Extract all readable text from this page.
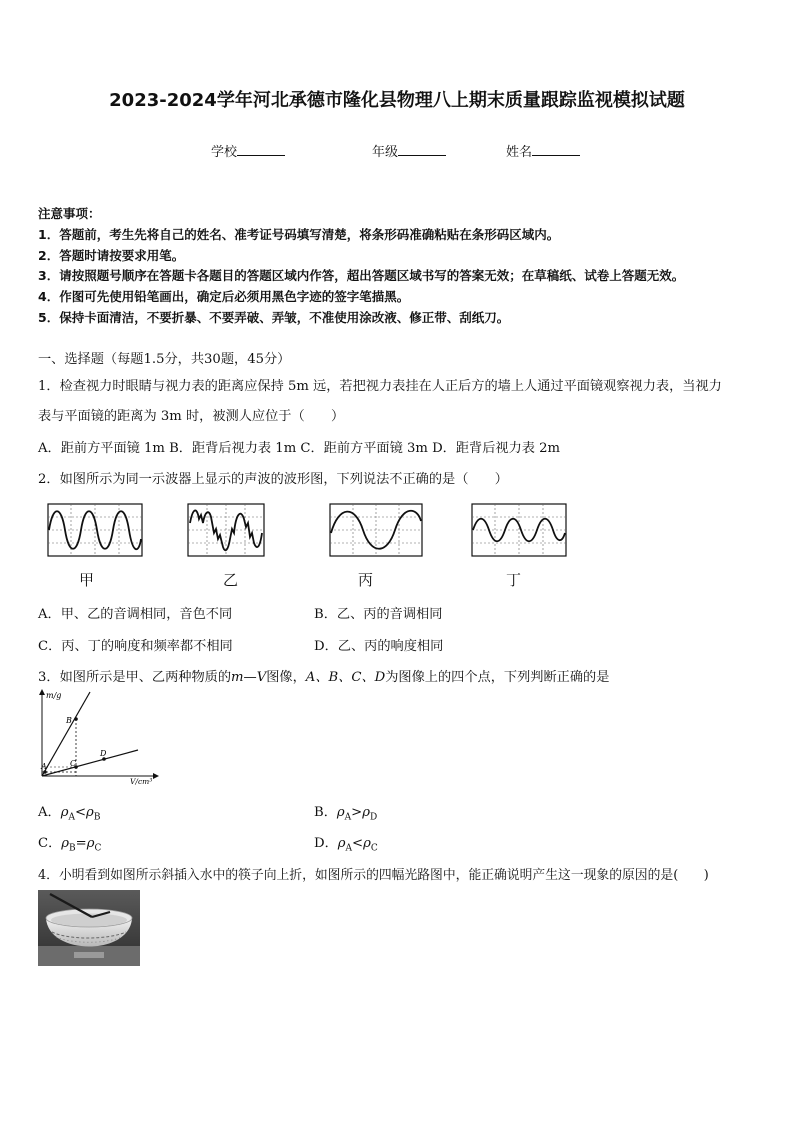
2023-2024学年河北承德市隆化县物理八上期末质量跟踪监视模拟试题
学校	年级	姓名
注意事项：
1．答题前，考生先将自己的姓名、准考证号码填写清楚，将条形码准确粘贴在条形码区域内。
2．答题时请按要求用笔。
3．请按照题号顺序在答题卡各题目的答题区域内作答，超出答题区域书写的答案无效；在草稿纸、试卷上答题无效。
4．作图可先使用铅笔画出，确定后必须用黑色字迹的签字笔描黑。
5．保持卡面清洁，不要折暴、不要弄破、弄皱，不准使用涂改液、修正带、刮纸刀。
一、选择题（每题1.5分，共30题，45分）
1．检查视力时眼睛与视力表的距离应保持 5m 远，若把视力表挂在人正后方的墙上人通过平面镜观察视力表，当视力
表与平面镜的距离为 3m 时，被测人应位于（　　）
A．距前方平面镜 1m B．距背后视力表 1m C．距前方平面镜 3m D．距背后视力表 2m
2．如图所示为同一示波器上显示的声波的波形图，下列说法不正确的是（　　）
甲	乙	丙	丁
A．甲、乙的音调相同，音色不同	B．乙、丙的音调相同
C．丙、丁的响度和频率都不相同	D．乙、丙的响度相同
3．如图所示是甲、乙两种物质的m—V图像，A、B、C、D为图像上的四个点，下列判断正确的是
m/g
V/cm³
A
B
C
D
A．$\rho_A<\rho_B$	B．$\rho_A>\rho_D$
C．$\rho_B=\rho_C$	D．$\rho_A<\rho_C$
4．小明看到如图所示斜插入水中的筷子向上折，如图所示的四幅光路图中，能正确说明产生这一现象的原因的是(　　)
